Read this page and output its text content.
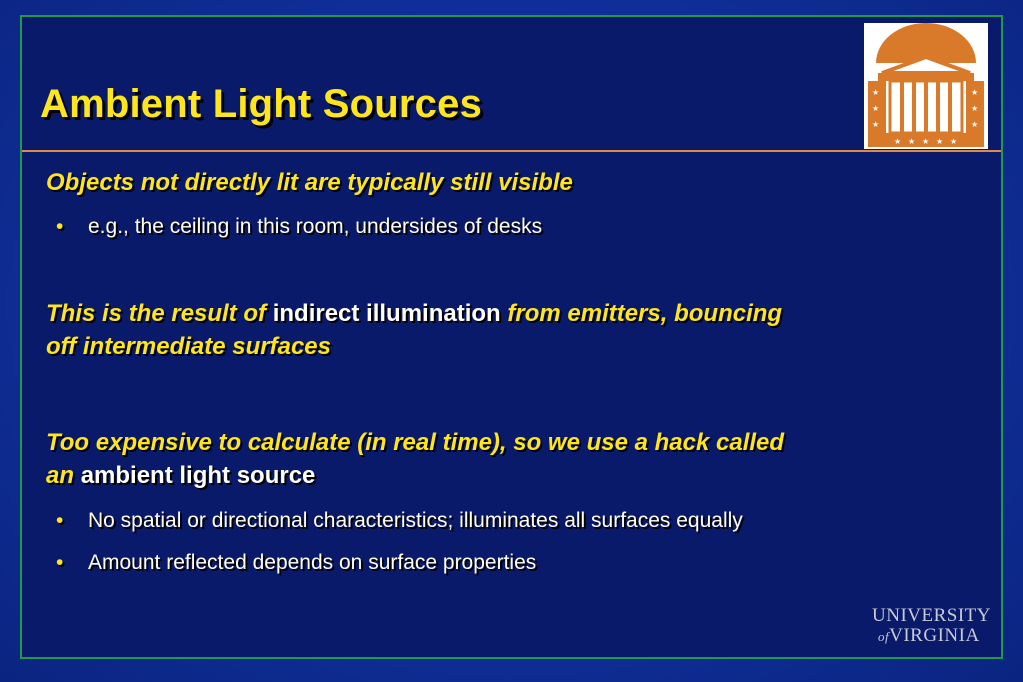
Ambient Light Sources	★
★
★
★
★
★
★ ★ ★ ★ ★
Objects not directly lit are typically still visible
• e.g., the ceiling in this room, undersides of desks
This is the result of indirect illumination from emitters, bouncing
off intermediate surfaces
Too expensive to calculate (in real time), so we use a hack called
an ambient light source
• No spatial or directional characteristics; illuminates all surfaces equally
• Amount reflected depends on surface properties
UNIVERSITY
ofVIRGINIA
